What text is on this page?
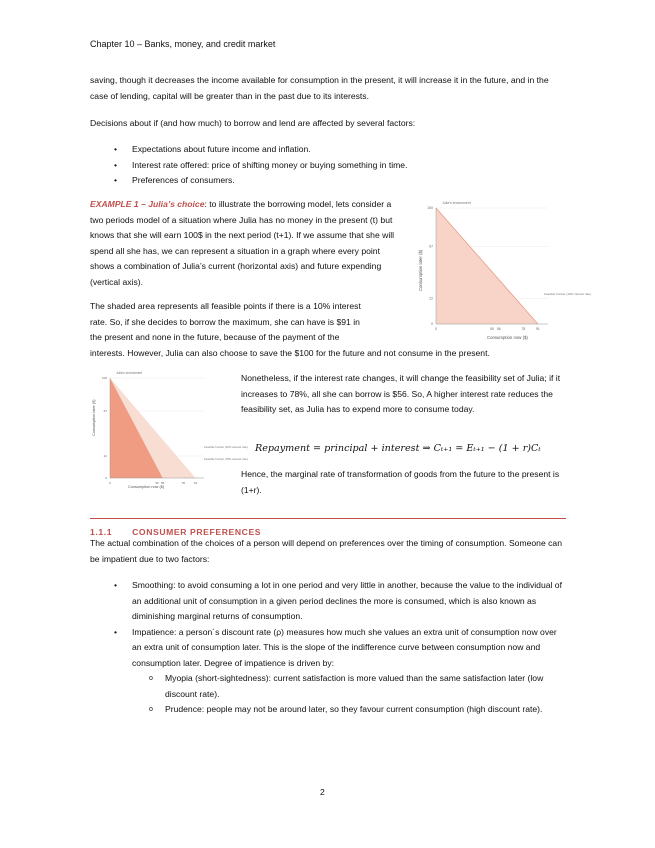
Chapter 10 – Banks, money, and credit market
saving, though it decreases the income available for consumption in the present, it will increase it in the future, and in the case of lending, capital will be greater than in the past due to its interests.
Decisions about if (and how much) to borrow and lend are affected by several factors:
• Expectations about future income and inflation.
• Interest rate offered: price of shifting money or buying something in time.
• Preferences of consumers.
EXAMPLE 1 – Julia’s choice: to illustrate the borrowing model, lets consider a two periods model of a situation where Julia has no money in the present (t) but knows that she will earn 100$ in the next period (t+1). If we assume that she will spend all she has, we can represent a situation in a graph where every point shows a combination of Julia’s current (horizontal axis) and future expending (vertical axis).
The shaded area represents all feasible points if there is a 10% interest
rate. So, if she decides to borrow the maximum, she can have is $91 in
the present and none in the future, because of the payment of the
interests. However, Julia can also choose to save the $100 for the future and not consume in the present.
Julia's endowment
0	50 56	78	91
0
22
67
100
Consumption now ($)
Consumption later ($)
Feasible frontier (10% interest rate)
Nonetheless, if the interest rate changes, it will change the feasibility set of Julia; if it increases to 78%, all she can borrow is $56. So, A higher interest rate reduces the feasibility set, as Julia has to expend more to consume today.
Repayment = principal + interest ⇒ Cₜ₊₁ = Eₜ₊₁ − (1 + r)Cₜ
Hence, the marginal rate of transformation of goods from the future to the present is (1+r).
Julia's endowment
0	50 56	78	91
0
22
67
100
Consumption now ($)
Consumption later ($)
Feasible frontier (10% interest rate)
Feasible frontier (78% interest rate)
1.1.1 CONSUMER PREFERENCES
The actual combination of the choices of a person will depend on preferences over the timing of consumption. Someone can be impatient due to two factors:
• Smoothing: to avoid consuming a lot in one period and very little in another, because the value to the individual of an additional unit of consumption in a given period declines the more is consumed, which is also known as diminishing marginal returns of consumption.
• Impatience: a person´s discount rate (ρ) measures how much she values an extra unit of consumption now over an extra unit of consumption later. This is the slope of the indifference curve between consumption now and consumption later. Degree of impatience is driven by:
o Myopia (short-sightedness): current satisfaction is more valued than the same satisfaction later (low discount rate).
o Prudence: people may not be around later, so they favour current consumption (high discount rate).
2
